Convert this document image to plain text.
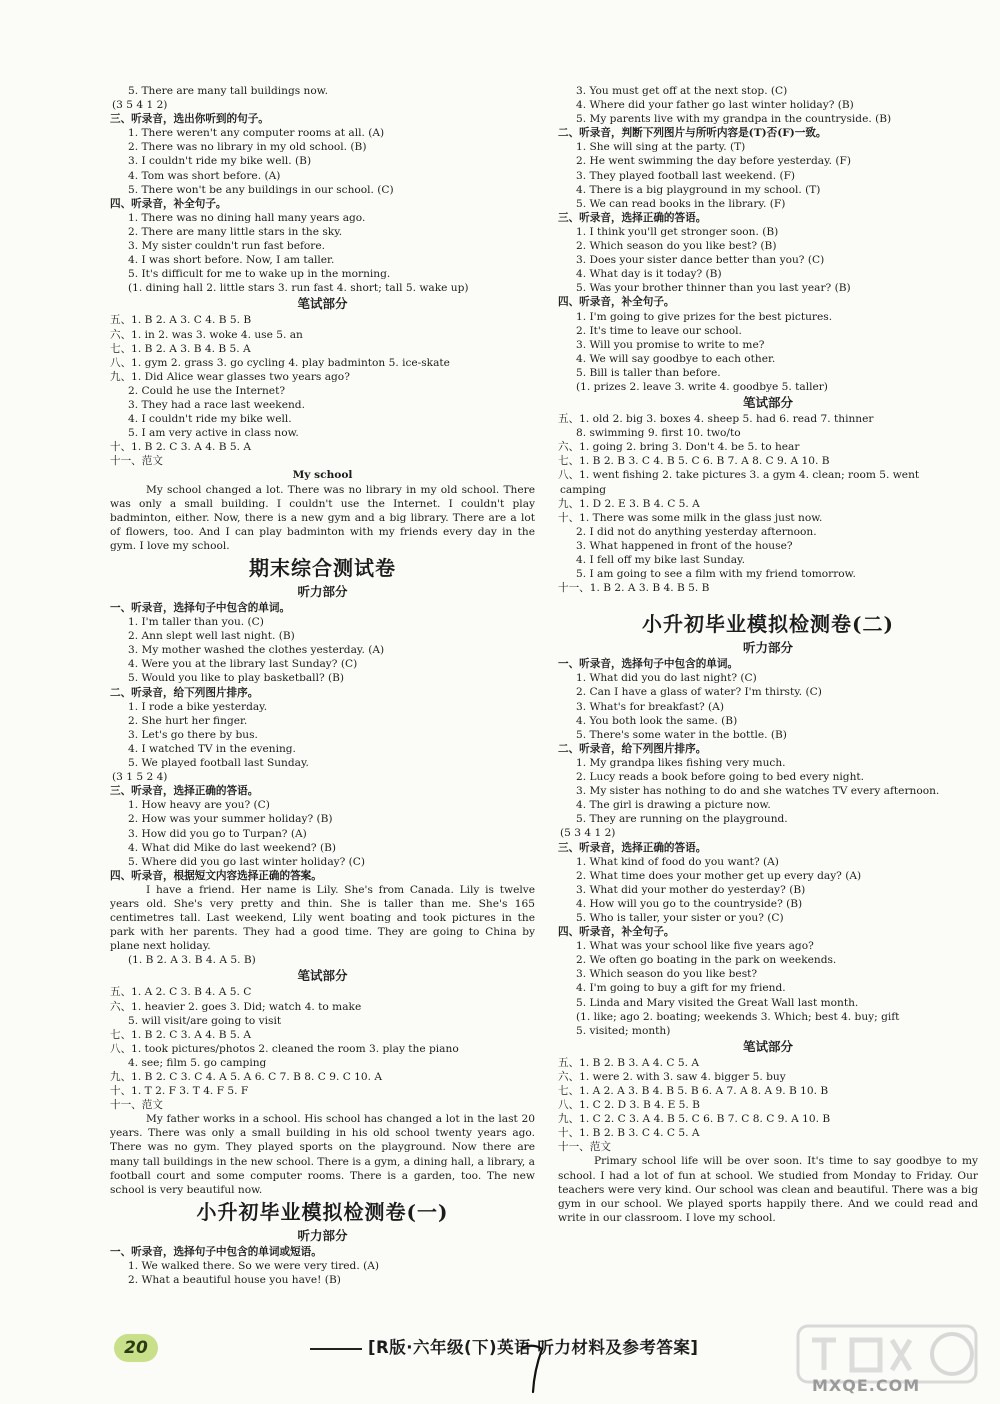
5. There are many tall buildings now.
(3 5 4 1 2)
三、听录音，选出你听到的句子。
1. There weren't any computer rooms at all. (A)
2. There was no library in my old school. (B)
3. I couldn't ride my bike well. (B)
4. Tom was short before. (A)
5. There won't be any buildings in our school. (C)
四、听录音，补全句子。
1. There was no dining hall many years ago.
2. There are many little stars in the sky.
3. My sister couldn't run fast before.
4. I was short before. Now, I am taller.
5. It's difficult for me to wake up in the morning.
(1. dining hall 2. little stars 3. run fast 4. short; tall 5. wake up)
笔试部分
五、1. B 2. A 3. C 4. B 5. B
六、1. in 2. was 3. woke 4. use 5. an
七、1. B 2. A 3. B 4. B 5. A
八、1. gym 2. grass 3. go cycling 4. play badminton 5. ice-skate
九、1. Did Alice wear glasses two years ago?
2. Could he use the Internet?
3. They had a race last weekend.
4. I couldn't ride my bike well.
5. I am very active in class now.
十、1. B 2. C 3. A 4. B 5. A
十一、范文
My school
My school changed a lot. There was no library in my old school. There was only a small building. I couldn't use the Internet. I couldn't play badminton, either. Now, there is a new gym and a big library. There are a lot of flowers, too. And I can play badminton with my friends every day in the gym. I love my school.
期末综合测试卷
听力部分
一、听录音，选择句子中包含的单词。
1. I'm taller than you. (C)
2. Ann slept well last night. (B)
3. My mother washed the clothes yesterday. (A)
4. Were you at the library last Sunday? (C)
5. Would you like to play basketball? (B)
二、听录音，给下列图片排序。
1. I rode a bike yesterday.
2. She hurt her finger.
3. Let's go there by bus.
4. I watched TV in the evening.
5. We played football last Sunday.
(3 1 5 2 4)
三、听录音，选择正确的答语。
1. How heavy are you? (C)
2. How was your summer holiday? (B)
3. How did you go to Turpan? (A)
4. What did Mike do last weekend? (B)
5. Where did you go last winter holiday? (C)
四、听录音，根据短文内容选择正确的答案。
I have a friend. Her name is Lily. She's from Canada. Lily is twelve years old. She's very pretty and thin. She is taller than me. She's 165 centimetres tall. Last weekend, Lily went boating and took pictures in the park with her parents. They had a good time. They are going to China by plane next holiday.
(1. B 2. A 3. B 4. A 5. B)
笔试部分
五、1. A 2. C 3. B 4. A 5. C
六、1. heavier 2. goes 3. Did; watch 4. to make
5. will visit/are going to visit
七、1. B 2. C 3. A 4. B 5. A
八、1. took pictures/photos 2. cleaned the room 3. play the piano
4. see; film 5. go camping
九、1. B 2. C 3. C 4. A 5. A 6. C 7. B 8. C 9. C 10. A
十、1. T 2. F 3. T 4. F 5. F
十一、范文
My father works in a school. His school has changed a lot in the last 20 years. There was only a small building in his old school twenty years ago. There was no gym. They played sports on the playground. Now there are many tall buildings in the new school. There is a gym, a dining hall, a library, a football court and some computer rooms. There is a garden, too. The new school is very beautiful now.
小升初毕业模拟检测卷(一)
听力部分
一、听录音，选择句子中包含的单词或短语。
1. We walked there. So we were very tired. (A)
2. What a beautiful house you have! (B)
3. You must get off at the next stop. (C)
4. Where did your father go last winter holiday? (B)
5. My parents live with my grandpa in the countryside. (B)
二、听录音，判断下列图片与所听内容是(T)否(F)一致。
1. She will sing at the party. (T)
2. He went swimming the day before yesterday. (F)
3. They played football last weekend. (F)
4. There is a big playground in my school. (T)
5. We can read books in the library. (F)
三、听录音，选择正确的答语。
1. I think you'll get stronger soon. (B)
2. Which season do you like best? (B)
3. Does your sister dance better than you? (C)
4. What day is it today? (B)
5. Was your brother thinner than you last year? (B)
四、听录音，补全句子。
1. I'm going to give prizes for the best pictures.
2. It's time to leave our school.
3. Will you promise to write to me?
4. We will say goodbye to each other.
5. Bill is taller than before.
(1. prizes 2. leave 3. write 4. goodbye 5. taller)
笔试部分
五、1. old 2. big 3. boxes 4. sheep 5. had 6. read 7. thinner
8. swimming 9. first 10. two/to
六、1. going 2. bring 3. Don't 4. be 5. to hear
七、1. B 2. B 3. C 4. B 5. C 6. B 7. A 8. C 9. A 10. B
八、1. went fishing 2. take pictures 3. a gym 4. clean; room 5. went
camping
九、1. D 2. E 3. B 4. C 5. A
十、1. There was some milk in the glass just now.
2. I did not do anything yesterday afternoon.
3. What happened in front of the house?
4. I fell off my bike last Sunday.
5. I am going to see a film with my friend tomorrow.
十一、1. B 2. A 3. B 4. B 5. B
小升初毕业模拟检测卷(二)
听力部分
一、听录音，选择句子中包含的单词。
1. What did you do last night? (C)
2. Can I have a glass of water? I'm thirsty. (C)
3. What's for breakfast? (A)
4. You both look the same. (B)
5. There's some water in the bottle. (B)
二、听录音，给下列图片排序。
1. My grandpa likes fishing very much.
2. Lucy reads a book before going to bed every night.
3. My sister has nothing to do and she watches TV every afternoon.
4. The girl is drawing a picture now.
5. They are running on the playground.
(5 3 4 1 2)
三、听录音，选择正确的答语。
1. What kind of food do you want? (A)
2. What time does your mother get up every day? (A)
3. What did your mother do yesterday? (B)
4. How will you go to the countryside? (B)
5. Who is taller, your sister or you? (C)
四、听录音，补全句子。
1. What was your school like five years ago?
2. We often go boating in the park on weekends.
3. Which season do you like best?
4. I'm going to buy a gift for my friend.
5. Linda and Mary visited the Great Wall last month.
(1. like; ago 2. boating; weekends 3. Which; best 4. buy; gift
5. visited; month)
笔试部分
五、1. B 2. B 3. A 4. C 5. A
六、1. were 2. with 3. saw 4. bigger 5. buy
七、1. A 2. A 3. B 4. B 5. B 6. A 7. A 8. A 9. B 10. B
八、1. C 2. D 3. B 4. E 5. B
九、1. C 2. C 3. A 4. B 5. C 6. B 7. C 8. C 9. A 10. B
十、1. B 2. B 3. C 4. C 5. A
十一、范文
Primary school life will be over soon. It's time to say goodbye to my school. I had a lot of fun at school. We studied from Monday to Friday. Our teachers were very kind. Our school was clean and beautiful. There was a big gym in our school. We played sports happily there. And we could read and write in our classroom. I love my school.
20	[R版·六年级(下)英语 听力材料及参考答案]
MXQE.COM
